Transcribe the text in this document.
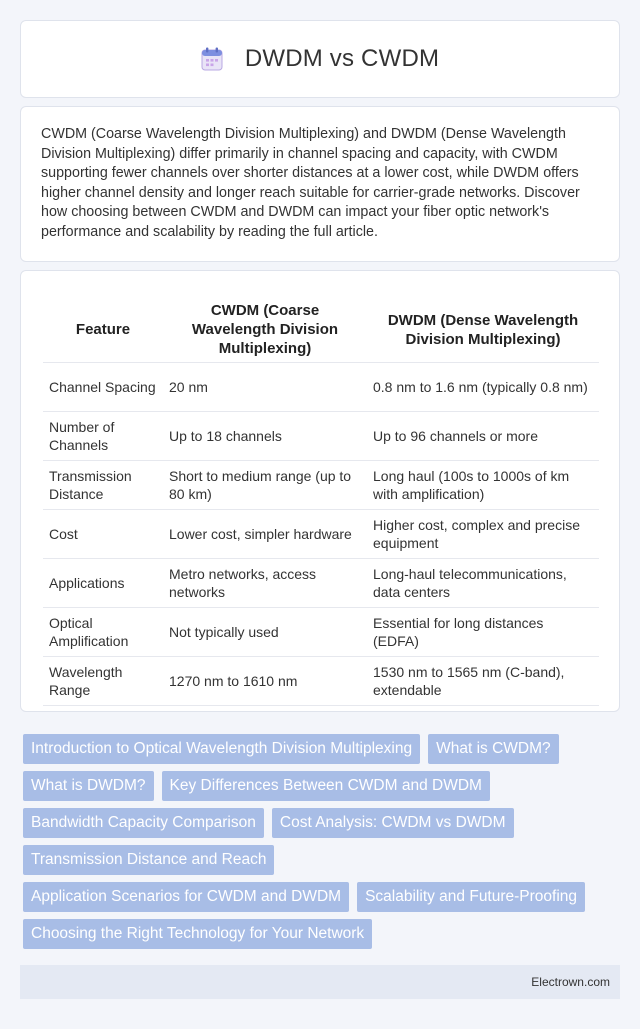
DWDM vs CWDM

CWDM (Coarse Wavelength Division Multiplexing) and DWDM (Dense Wavelength Division Multiplexing) differ primarily in channel spacing and capacity, with CWDM supporting fewer channels over shorter distances at a lower cost, while DWDM offers higher channel density and longer reach suitable for carrier-grade networks. Discover how choosing between CWDM and DWDM can impact your fiber optic network's performance and scalability by reading the full article.

Feature	CWDM (Coarse Wavelength Division Multiplexing)	DWDM (Dense Wavelength Division Multiplexing)
Channel Spacing	20 nm	0.8 nm to 1.6 nm (typically 0.8 nm)
Number of Channels	Up to 18 channels	Up to 96 channels or more
Transmission Distance	Short to medium range (up to 80 km)	Long haul (100s to 1000s of km with amplification)
Cost	Lower cost, simpler hardware	Higher cost, complex and precise equipment
Applications	Metro networks, access networks	Long-haul telecommunications, data centers
Optical Amplification	Not typically used	Essential for long distances (EDFA)
Wavelength Range	1270 nm to 1610 nm	1530 nm to 1565 nm (C-band), extendable
Introduction to Optical Wavelength Division Multiplexing	What is CWDM?
What is DWDM?	Key Differences Between CWDM and DWDM
Bandwidth Capacity Comparison	Cost Analysis: CWDM vs DWDM
Transmission Distance and Reach
Application Scenarios for CWDM and DWDM	Scalability and Future-Proofing
Choosing the Right Technology for Your Network
Electrown.com
